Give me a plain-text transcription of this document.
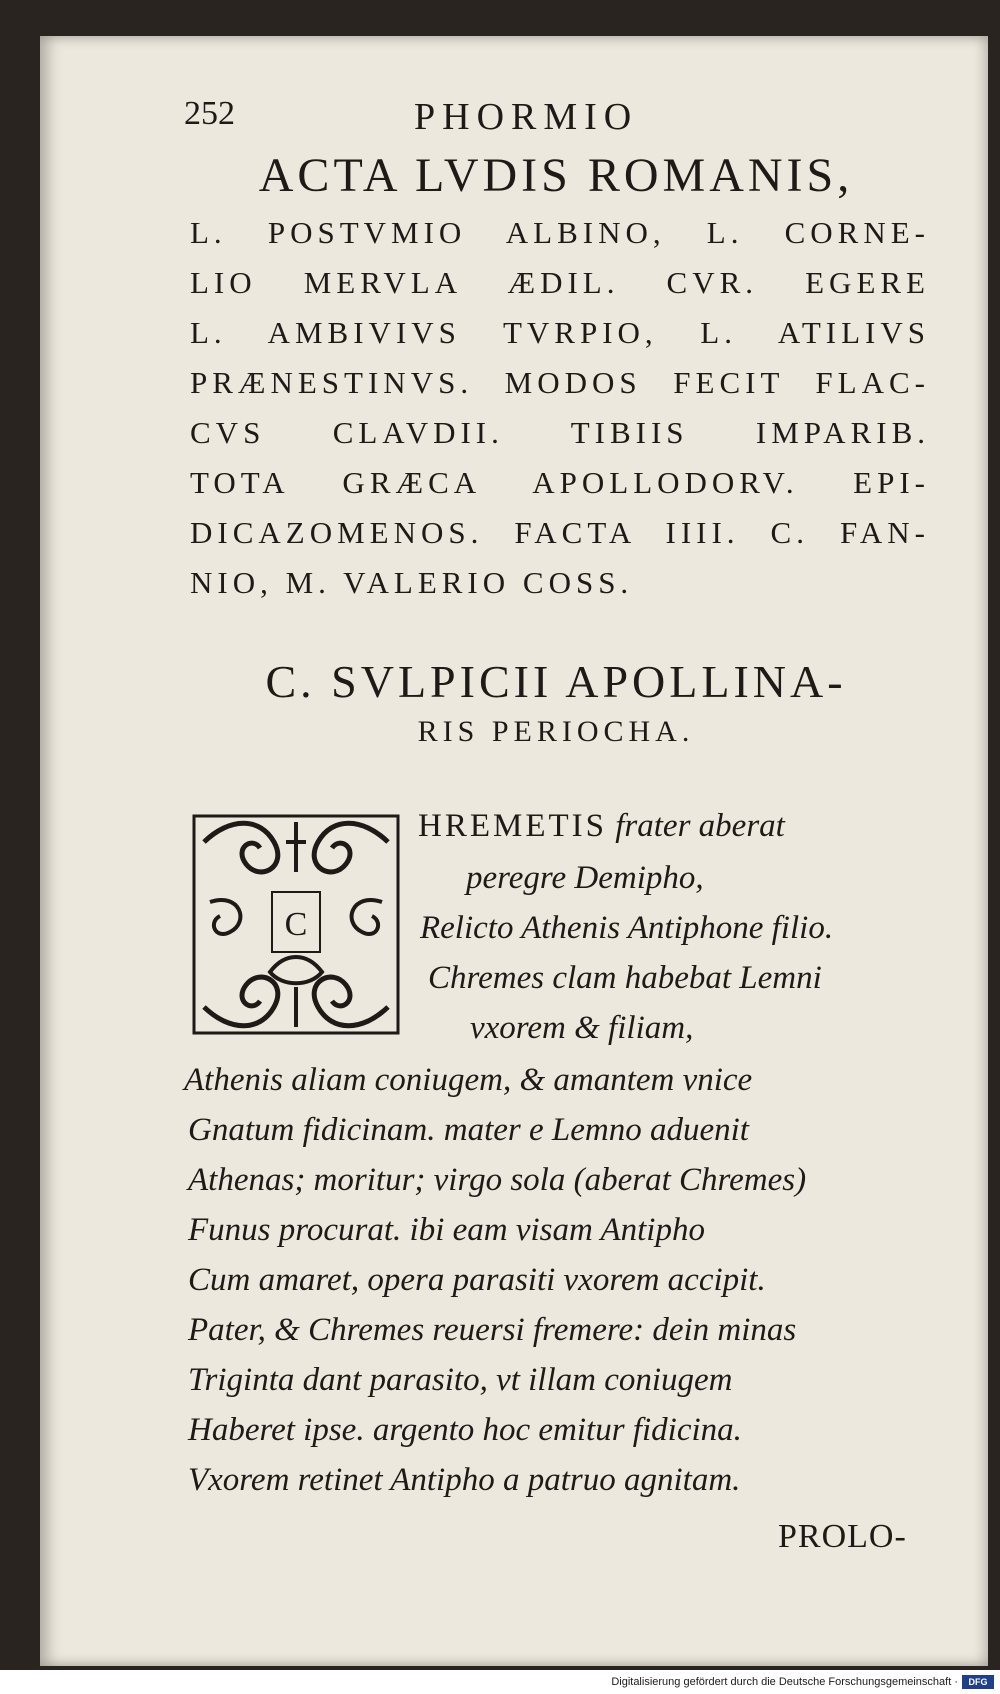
252	PHORMIO
ACTA LVDIS ROMANIS,
L. POSTVMIO ALBINO, L. CORNE-
LIO MERVLA ÆDIL. CVR. EGERE
L. AMBIVIVS TVRPIO, L. ATILIVS
PRÆNESTINVS. MODOS FECIT FLAC-
CVS CLAVDII. TIBIIS IMPARIB.
TOTA GRÆCA APOLLODORV. EPI-
DICAZOMENOS. FACTA IIII. C. FAN-
NIO, M. VALERIO COSS.
C. SVLPICII APOLLINA-
RIS PERIOCHA.
C
HREMETIS frater aberat
peregre Demipho,
Relicto Athenis Antiphone filio.
Chremes clam habebat Lemni
vxorem & filiam,
Athenis aliam coniugem, & amantem vnice
Gnatum fidicinam. mater e Lemno aduenit
Athenas; moritur; virgo sola (aberat Chremes)
Funus procurat. ibi eam visam Antipho
Cum amaret, opera parasiti vxorem accipit.
Pater, & Chremes reuersi fremere: dein minas
Triginta dant parasito, vt illam coniugem
Haberet ipse. argento hoc emitur fidicina.
Vxorem retinet Antipho a patruo agnitam.
PROLO-
Digitalisierung gefördert durch die Deutsche Forschungsgemeinschaft ·	DFG
